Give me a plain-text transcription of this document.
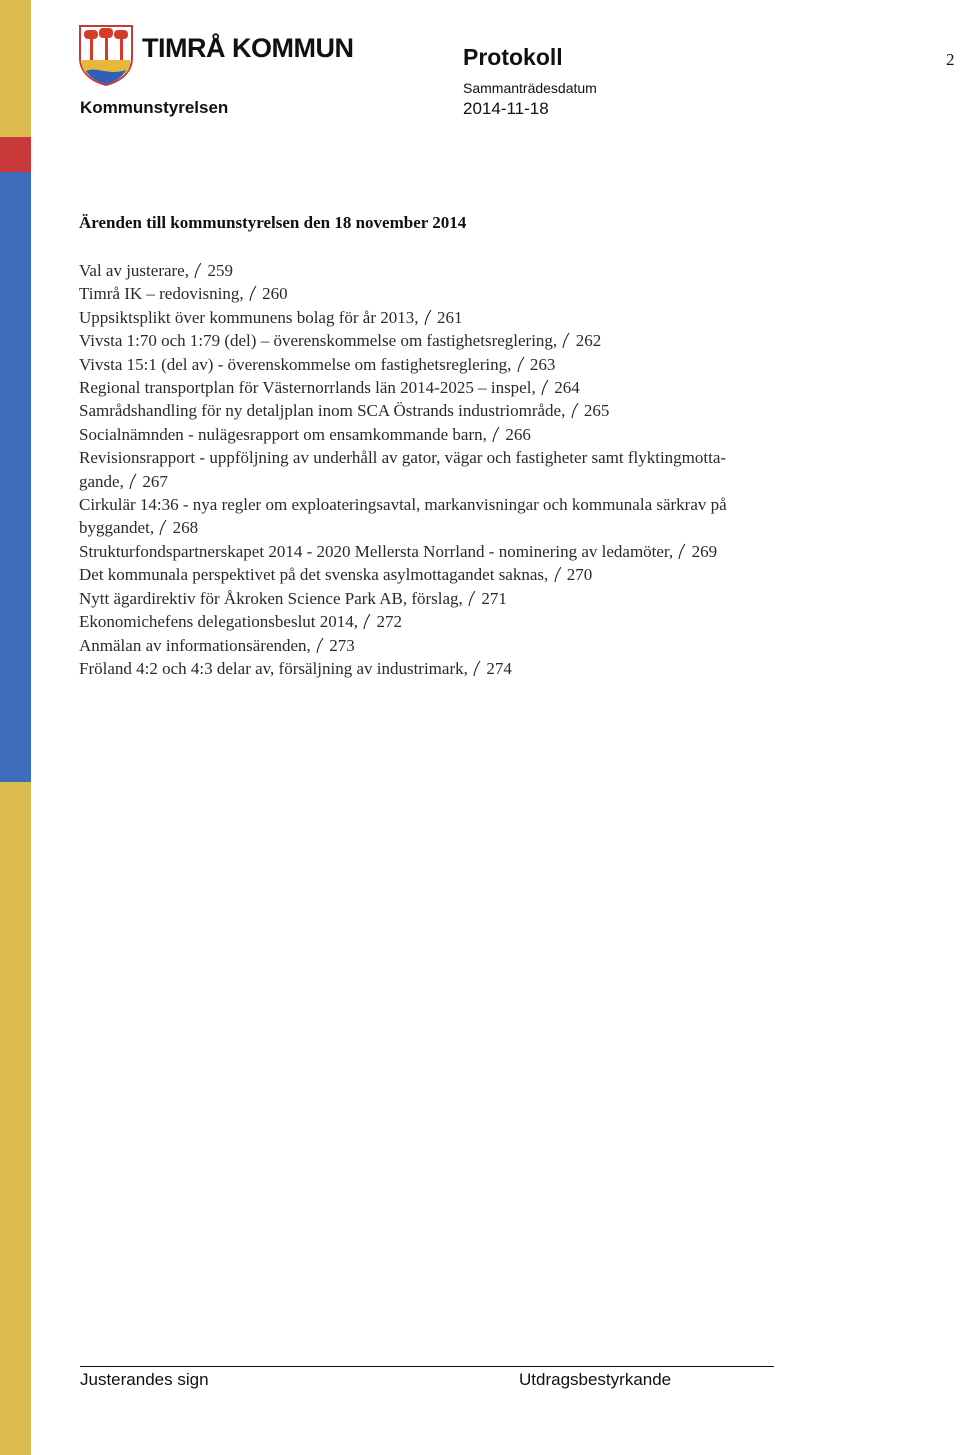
TIMRÅ KOMMUN
Kommunstyrelsen
Protokoll
Sammanträdesdatum
2014-11-18
2
Ärenden till kommunstyrelsen den 18 november 2014
Val av justerare, 259
Timrå IK – redovisning, 260
Uppsiktsplikt över kommunens bolag för år 2013, 261
Vivsta 1:70 och 1:79 (del) – överenskommelse om fastighetsreglering, 262
Vivsta 15:1 (del av) - överenskommelse om fastighetsreglering, 263
Regional transportplan för Västernorrlands län 2014-2025 – inspel, 264
Samrådshandling för ny detaljplan inom SCA Östrands industriområde, 265
Socialnämnden - nulägesrapport om ensamkommande barn, 266
Revisionsrapport - uppföljning av underhåll av gator, vägar och fastigheter samt flyktingmotta-
gande, 267
Cirkulär 14:36 - nya regler om exploateringsavtal, markanvisningar och kommunala särkrav på
byggandet, 268
Strukturfondspartnerskapet 2014 - 2020 Mellersta Norrland - nominering av ledamöter, 269
Det kommunala perspektivet på det svenska asylmottagandet saknas, 270
Nytt ägardirektiv för Åkroken Science Park AB, förslag, 271
Ekonomichefens delegationsbeslut 2014, 272
Anmälan av informationsärenden, 273
Fröland 4:2 och 4:3 delar av, försäljning av industrimark, 274
Justerandes sign	Utdragsbestyrkande
